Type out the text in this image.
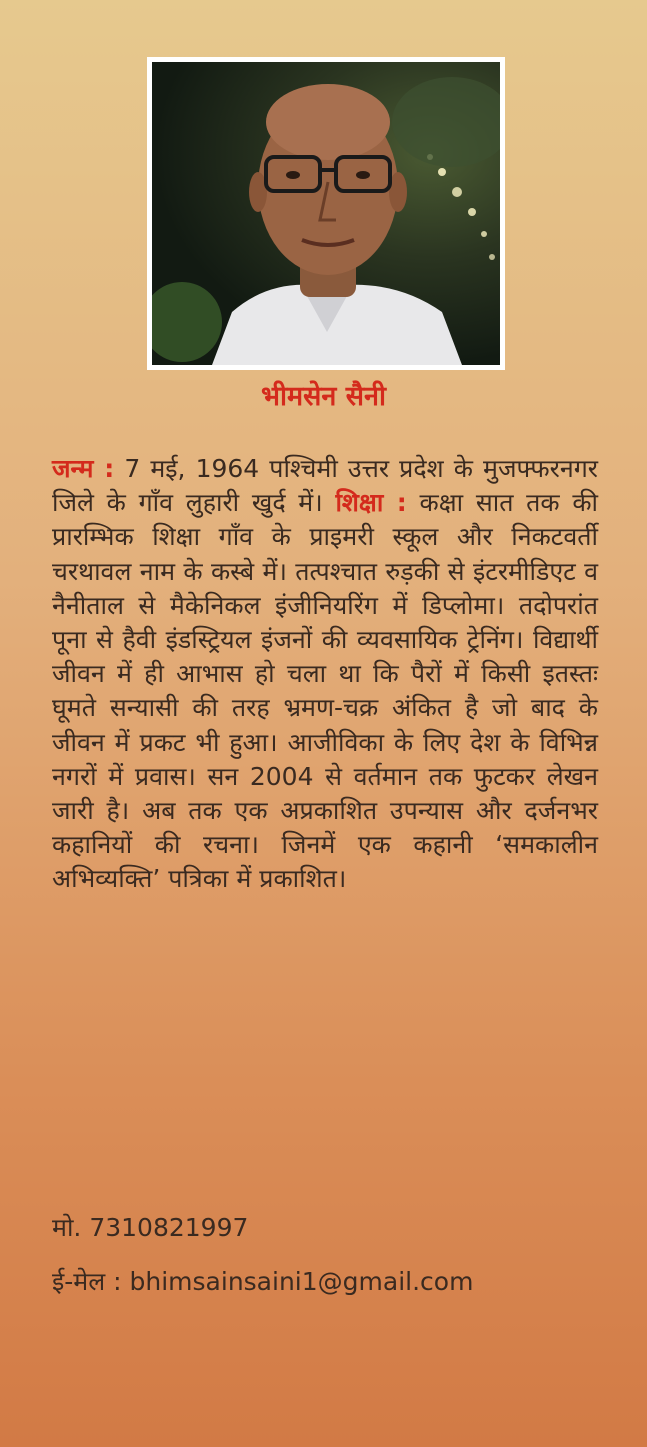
भीमसेन सैनी

जन्म : 7 मई, 1964 पश्चिमी उत्तर प्रदेश के मुजफ्फरनगर जिले के गाँव लुहारी खुर्द में। शिक्षा : कक्षा सात तक की प्रारम्भिक शिक्षा गाँव के प्राइमरी स्कूल और निकटवर्ती चरथावल नाम के कस्बे में। तत्पश्चात रुड़की से इंटरमीडिएट व नैनीताल से मैकेनिकल इंजीनियरिंग में डिप्लोमा। तदोपरांत पूना से हैवी इंडस्ट्रियल इंजनों की व्यवसायिक ट्रेनिंग। विद्यार्थी जीवन में ही आभास हो चला था कि पैरों में किसी इतस्तः घूमते सन्यासी की तरह भ्रमण-चक्र अंकित है जो बाद के जीवन में प्रकट भी हुआ। आजीविका के लिए देश के विभिन्न नगरों में प्रवास। सन 2004 से वर्तमान तक फुटकर लेखन जारी है। अब तक एक अप्रकाशित उपन्यास और दर्जनभर कहानियों की रचना। जिनमें एक कहानी ‘समकालीन अभिव्यक्ति’ पत्रिका में प्रकाशित।

मो. 7310821997
ई-मेल : bhimsainsaini1@gmail.com
